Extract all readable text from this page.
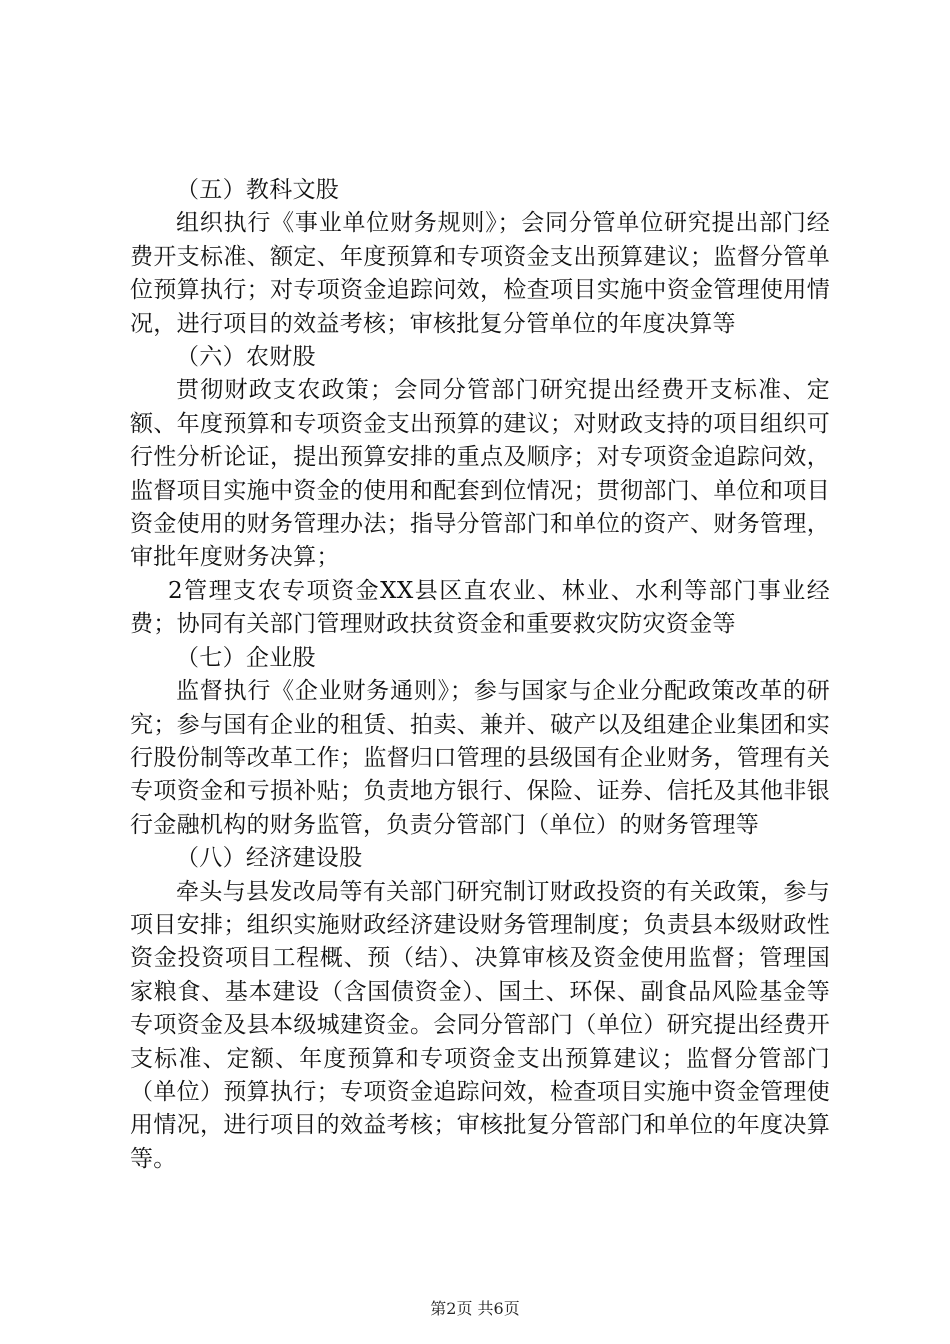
（五）教科文股

组织执行《事业单位财务规则》；会同分管单位研究提出部门经费开支标准、额定、年度预算和专项资金支出预算建议；监督分管单位预算执行；对专项资金追踪问效，检查项目实施中资金管理使用情况，进行项目的效益考核；审核批复分管单位的年度决算等

（六）农财股

贯彻财政支农政策；会同分管部门研究提出经费开支标准、定额、年度预算和专项资金支出预算的建议；对财政支持的项目组织可行性分析论证，提出预算安排的重点及顺序；对专项资金追踪问效，监督项目实施中资金的使用和配套到位情况；贯彻部门、单位和项目资金使用的财务管理办法；指导分管部门和单位的资产、财务管理，审批年度财务决算；

2管理支农专项资金XX县区直农业、林业、水利等部门事业经费；协同有关部门管理财政扶贫资金和重要救灾防灾资金等

（七）企业股

监督执行《企业财务通则》；参与国家与企业分配政策改革的研究；参与国有企业的租赁、拍卖、兼并、破产以及组建企业集团和实行股份制等改革工作；监督归口管理的县级国有企业财务，管理有关专项资金和亏损补贴；负责地方银行、保险、证券、信托及其他非银行金融机构的财务监管，负责分管部门（单位）的财务管理等

（八）经济建设股

牵头与县发改局等有关部门研究制订财政投资的有关政策，参与项目安排；组织实施财政经济建设财务管理制度；负责县本级财政性资金投资项目工程概、预（结）、决算审核及资金使用监督；管理国家粮食、基本建设（含国债资金）、国土、环保、副食品风险基金等专项资金及县本级城建资金。会同分管部门（单位）研究提出经费开支标准、定额、年度预算和专项资金支出预算建议；监督分管部门（单位）预算执行；专项资金追踪问效，检查项目实施中资金管理使用情况，进行项目的效益考核；审核批复分管部门和单位的年度决算等。

第2页 共6页
